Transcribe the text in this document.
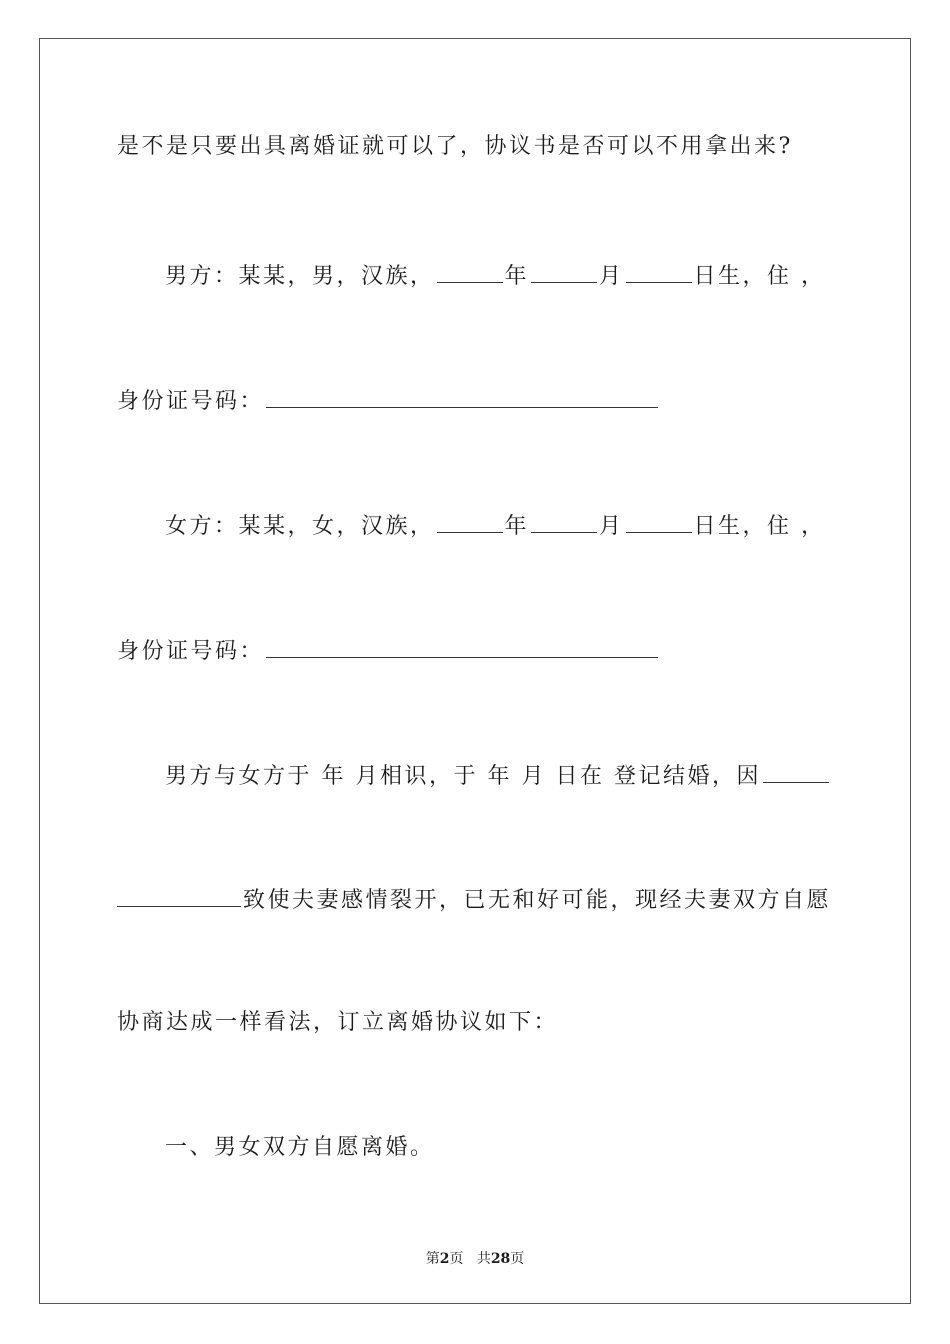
是不是只要出具离婚证就可以了，协议书是否可以不用拿出来?
男方：某某，男，汉族，	年	月	日生，住 ，
身份证号码：
女方：某某，女，汉族，	年	月	日生，住 ，
身份证号码：
男方与女方于 年 月相识，于 年 月 日在 登记结婚，因
致使夫妻感情裂开，已无和好可能，现经夫妻双方自愿
协商达成一样看法，订立离婚协议如下：
一、男女双方自愿离婚。
第2页 共28页
